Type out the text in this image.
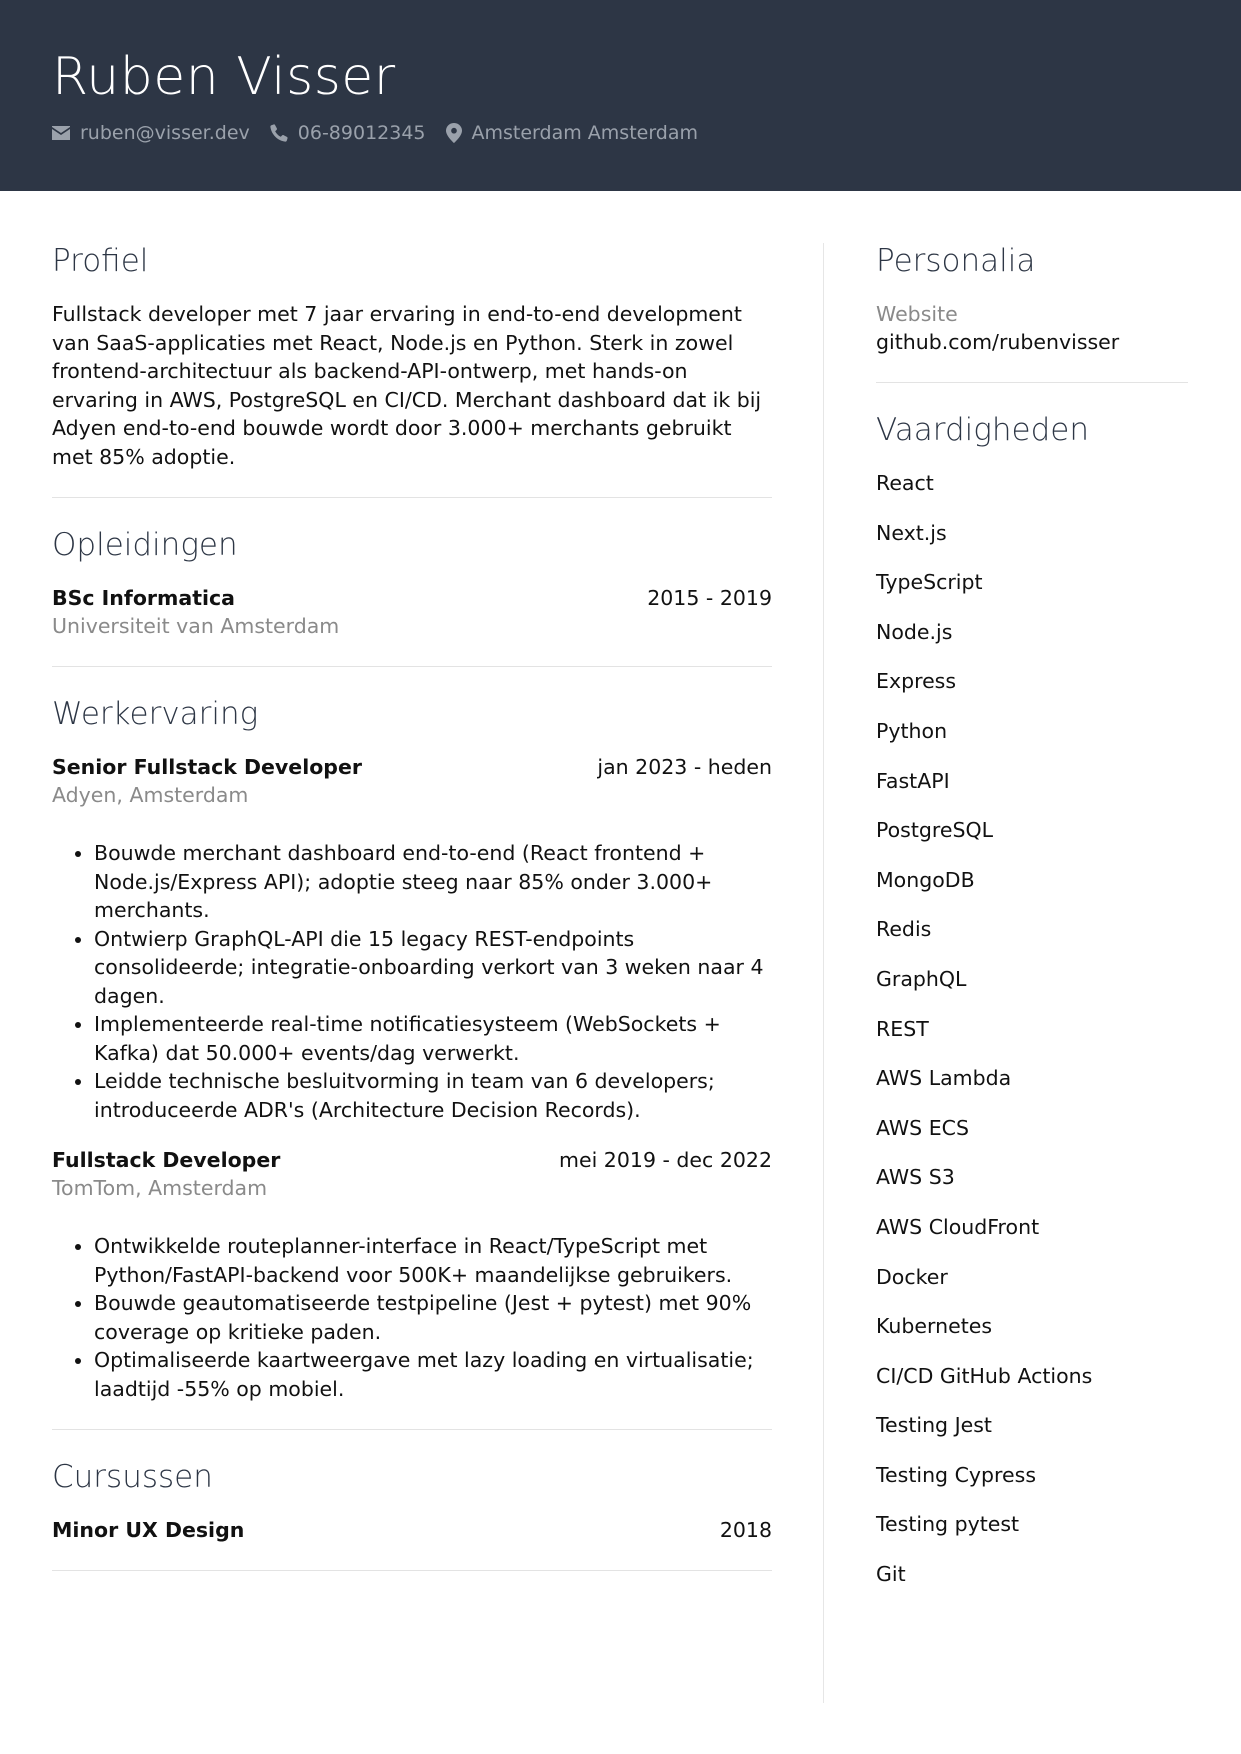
Ruben Visser
ruben@visser.dev	06-89012345 Amsterdam Amsterdam
Profiel

Fullstack developer met 7 jaar ervaring in end-to-end development van SaaS-applicaties met React, Node.js en Python. Sterk in zowel frontend-architectuur als backend-API-ontwerp, met hands-on ervaring in AWS, PostgreSQL en CI/CD. Merchant dashboard dat ik bij Adyen end-to-end bouwde wordt door 3.000+ merchants gebruikt met 85% adoptie.

Opleidingen
BSc Informatica	2015 - 2019
Universiteit van Amsterdam
Werkervaring
Senior Fullstack Developer	jan 2023 - heden
Adyen, Amsterdam
• Bouwde merchant dashboard end-to-end (React frontend + Node.js/Express API); adoptie steeg naar 85% onder 3.000+ merchants.
• Ontwierp GraphQL-API die 15 legacy REST-endpoints consolideerde; integratie-onboarding verkort van 3 weken naar 4 dagen.
• Implementeerde real-time notificatiesysteem (WebSockets + Kafka) dat 50.000+ events/dag verwerkt.
• Leidde technische besluitvorming in team van 6 developers; introduceerde ADR's (Architecture Decision Records).
Fullstack Developer	mei 2019 - dec 2022
TomTom, Amsterdam
• Ontwikkelde routeplanner-interface in React/TypeScript met Python/FastAPI-backend voor 500K+ maandelijkse gebruikers.
• Bouwde geautomatiseerde testpipeline (Jest + pytest) met 90% coverage op kritieke paden.
• Optimaliseerde kaartweergave met lazy loading en virtualisatie; laadtijd -55% op mobiel.
Cursussen
Minor UX Design	2018
Personalia
Website
github.com/rubenvisser
Vaardigheden
React
Next.js
TypeScript
Node.js
Express
Python
FastAPI
PostgreSQL
MongoDB
Redis
GraphQL
REST
AWS Lambda
AWS ECS
AWS S3
AWS CloudFront
Docker
Kubernetes
CI/CD GitHub Actions
Testing Jest
Testing Cypress
Testing pytest
Git
